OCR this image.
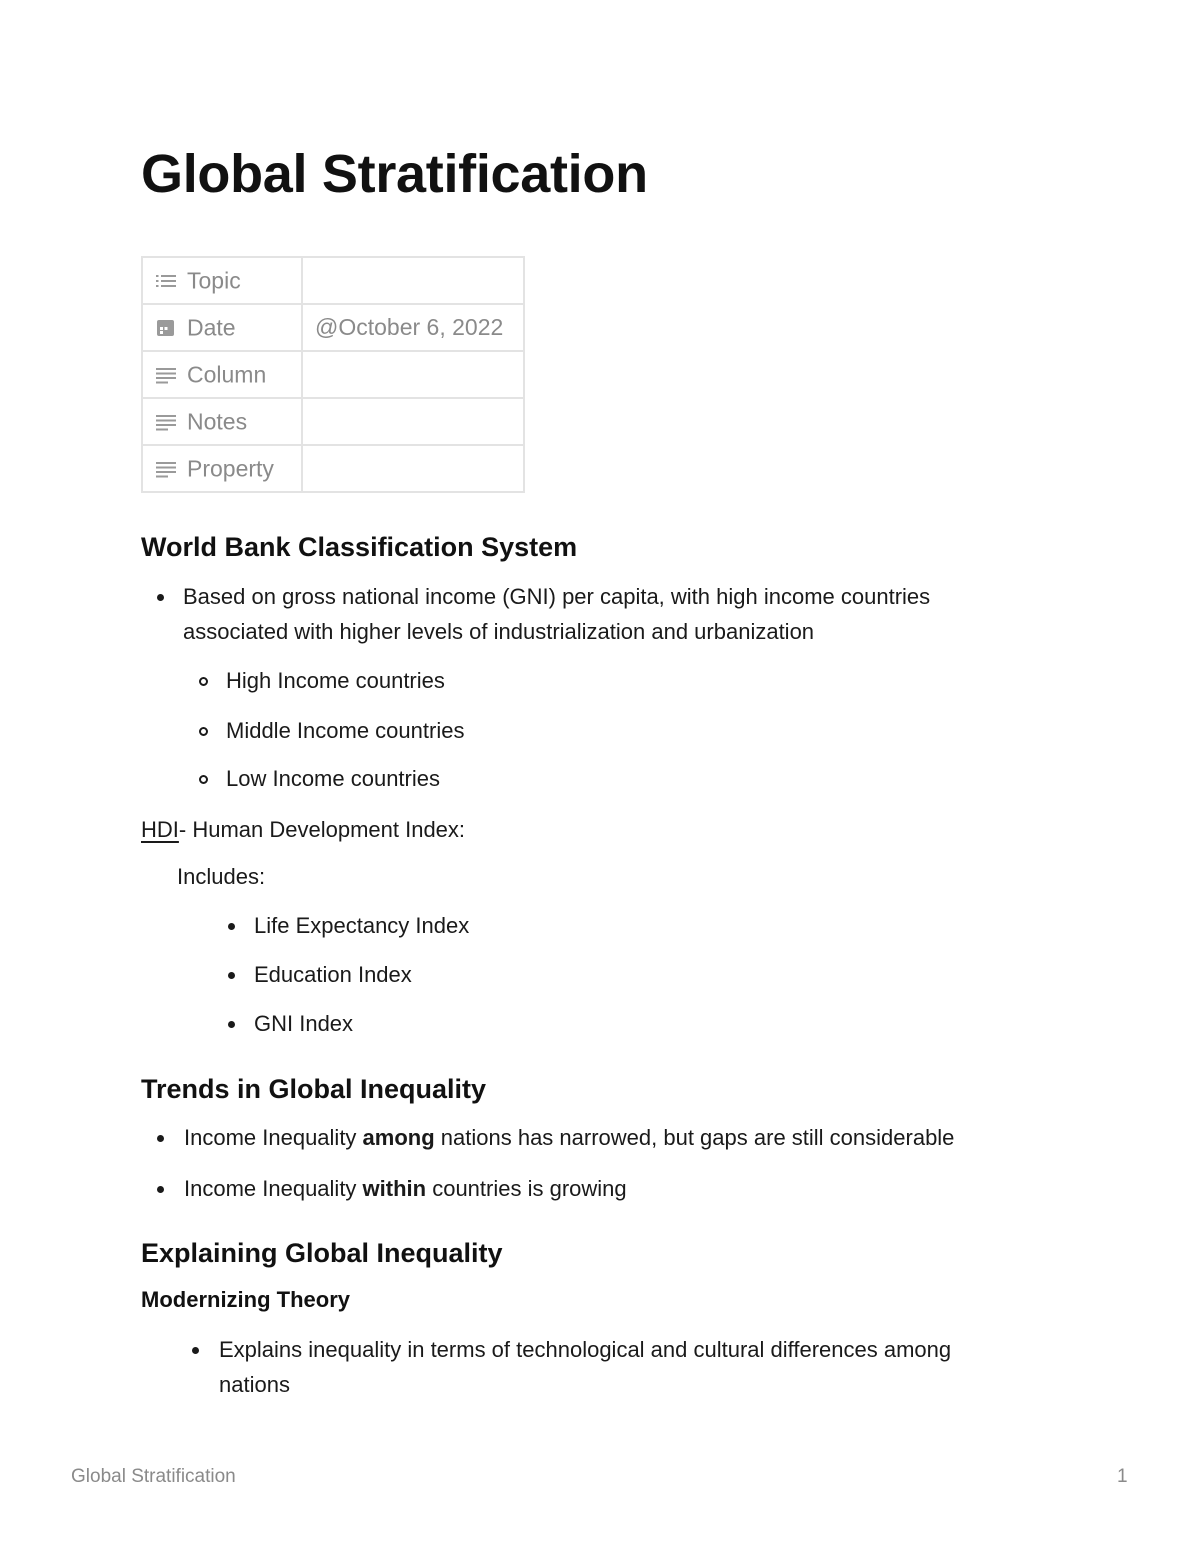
Global Stratification
Topic	
Date	@October 6, 2022
Column	
Notes	
Property	
World Bank Classification System

Based on gross national income (GNI) per capita, with high income countries

associated with higher levels of industrialization and urbanization

High Income countries

Middle Income countries

Low Income countries

HDI- Human Development Index:

Includes:

Life Expectancy Index

Education Index

GNI Index

Trends in Global Inequality

Income Inequality among nations has narrowed, but gaps are still considerable

Income Inequality within countries is growing

Explaining Global Inequality

Modernizing Theory

Explains inequality in terms of technological and cultural differences among

nations

Global Stratification	1
